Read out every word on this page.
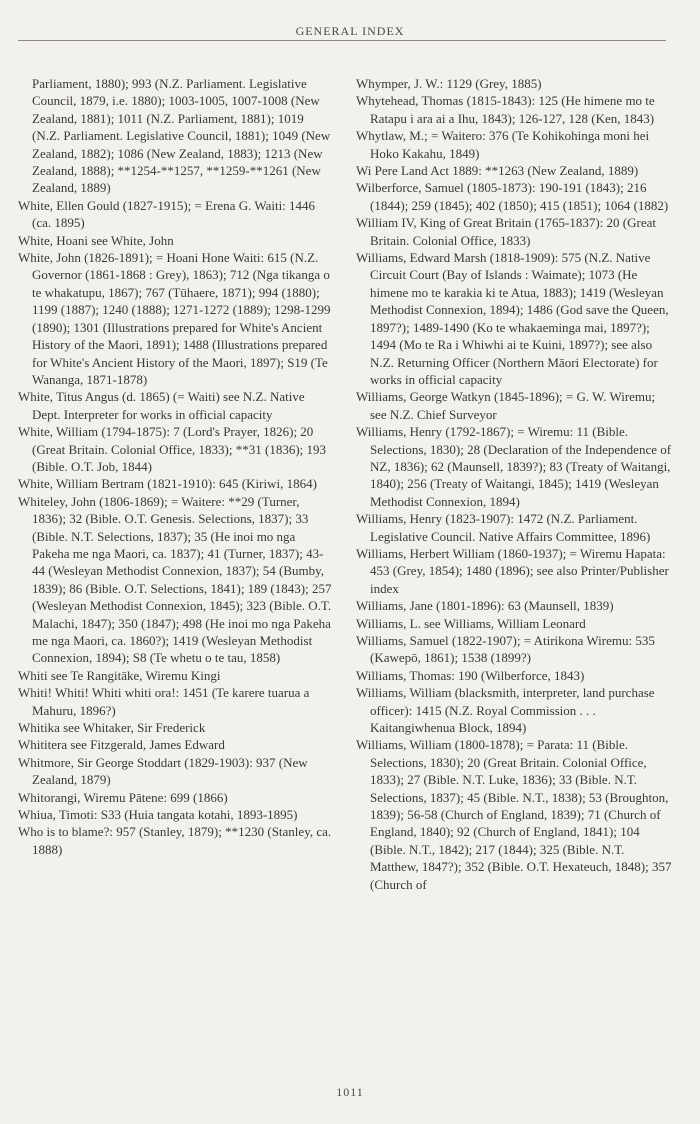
GENERAL INDEX

Parliament, 1880); 993 (N.Z. Parliament. Legislative Council, 1879, i.e. 1880); 1003-1005, 1007-1008 (New Zealand, 1881); 1011 (N.Z. Parliament, 1881); 1019 (N.Z. Parliament. Legislative Council, 1881); 1049 (New Zealand, 1882); 1086 (New Zealand, 1883); 1213 (New Zealand, 1888); **1254-**1257, **1259-**1261 (New Zealand, 1889)

White, Ellen Gould (1827-1915); = Erena G. Waiti: 1446 (ca. 1895)

White, Hoani see White, John

White, John (1826-1891); = Hoani Hone Waiti: 615 (N.Z. Governor (1861-1868 : Grey), 1863); 712 (Nga tikanga o te whakatupu, 1867); 767 (Tūhaere, 1871); 994 (1880); 1199 (1887); 1240 (1888); 1271-1272 (1889); 1298-1299 (1890); 1301 (Illustrations prepared for White's Ancient History of the Maori, 1891); 1488 (Illustrations prepared for White's Ancient History of the Maori, 1897); S19 (Te Wananga, 1871-1878)

White, Titus Angus (d. 1865) (= Waiti) see N.Z. Native Dept. Interpreter for works in official capacity

White, William (1794-1875): 7 (Lord's Prayer, 1826); 20 (Great Britain. Colonial Office, 1833); **31 (1836); 193 (Bible. O.T. Job, 1844)

White, William Bertram (1821-1910): 645 (Kiriwi, 1864)

Whiteley, John (1806-1869); = Waitere: **29 (Turner, 1836); 32 (Bible. O.T. Genesis. Selections, 1837); 33 (Bible. N.T. Selections, 1837); 35 (He inoi mo nga Pakeha me nga Maori, ca. 1837); 41 (Turner, 1837); 43-44 (Wesleyan Methodist Connexion, 1837); 54 (Bumby, 1839); 86 (Bible. O.T. Selections, 1841); 189 (1843); 257 (Wesleyan Methodist Connexion, 1845); 323 (Bible. O.T. Malachi, 1847); 350 (1847); 498 (He inoi mo nga Pakeha me nga Maori, ca. 1860?); 1419 (Wesleyan Methodist Connexion, 1894); S8 (Te whetu o te tau, 1858)

Whiti see Te Rangitāke, Wiremu Kingi

Whiti! Whiti! Whiti whiti ora!: 1451 (Te karere tuarua a Mahuru, 1896?)

Whitika see Whitaker, Sir Frederick

Whititera see Fitzgerald, James Edward

Whitmore, Sir George Stoddart (1829-1903): 937 (New Zealand, 1879)

Whitorangi, Wiremu Pātene: 699 (1866)

Whiua, Timoti: S33 (Huia tangata kotahi, 1893-1895)

Who is to blame?: 957 (Stanley, 1879); **1230 (Stanley, ca. 1888)

Whymper, J. W.: 1129 (Grey, 1885)

Whytehead, Thomas (1815-1843): 125 (He himene mo te Ratapu i ara ai a Ihu, 1843); 126-127, 128 (Ken, 1843)

Whytlaw, M.; = Waitero: 376 (Te Kohikohinga moni hei Hoko Kakahu, 1849)

Wi Pere Land Act 1889: **1263 (New Zealand, 1889)

Wilberforce, Samuel (1805-1873): 190-191 (1843); 216 (1844); 259 (1845); 402 (1850); 415 (1851); 1064 (1882)

William IV, King of Great Britain (1765-1837): 20 (Great Britain. Colonial Office, 1833)

Williams, Edward Marsh (1818-1909): 575 (N.Z. Native Circuit Court (Bay of Islands : Waimate); 1073 (He himene mo te karakia ki te Atua, 1883); 1419 (Wesleyan Methodist Connexion, 1894); 1486 (God save the Queen, 1897?); 1489-1490 (Ko te whakaeminga mai, 1897?); 1494 (Mo te Ra i Whiwhi ai te Kuini, 1897?); see also N.Z. Returning Officer (Northern Māori Electorate) for works in official capacity

Williams, George Watkyn (1845-1896); = G. W. Wiremu; see N.Z. Chief Surveyor

Williams, Henry (1792-1867); = Wiremu: 11 (Bible. Selections, 1830); 28 (Declaration of the Independence of NZ, 1836); 62 (Maunsell, 1839?); 83 (Treaty of Waitangi, 1840); 256 (Treaty of Waitangi, 1845); 1419 (Wesleyan Methodist Connexion, 1894)

Williams, Henry (1823-1907): 1472 (N.Z. Parliament. Legislative Council. Native Affairs Committee, 1896)

Williams, Herbert William (1860-1937); = Wiremu Hapata: 453 (Grey, 1854); 1480 (1896); see also Printer/Publisher index

Williams, Jane (1801-1896): 63 (Maunsell, 1839)

Williams, L. see Williams, William Leonard

Williams, Samuel (1822-1907); = Atirikona Wiremu: 535 (Kawepō, 1861); 1538 (1899?)

Williams, Thomas: 190 (Wilberforce, 1843)

Williams, William (blacksmith, interpreter, land purchase officer): 1415 (N.Z. Royal Commission . . . Kaitangiwhenua Block, 1894)

Williams, William (1800-1878); = Parata: 11 (Bible. Selections, 1830); 20 (Great Britain. Colonial Office, 1833); 27 (Bible. N.T. Luke, 1836); 33 (Bible. N.T. Selections, 1837); 45 (Bible. N.T., 1838); 53 (Broughton, 1839); 56-58 (Church of England, 1839); 71 (Church of England, 1840); 92 (Church of England, 1841); 104 (Bible. N.T., 1842); 217 (1844); 325 (Bible. N.T. Matthew, 1847?); 352 (Bible. O.T. Hexateuch, 1848); 357 (Church of

1011
